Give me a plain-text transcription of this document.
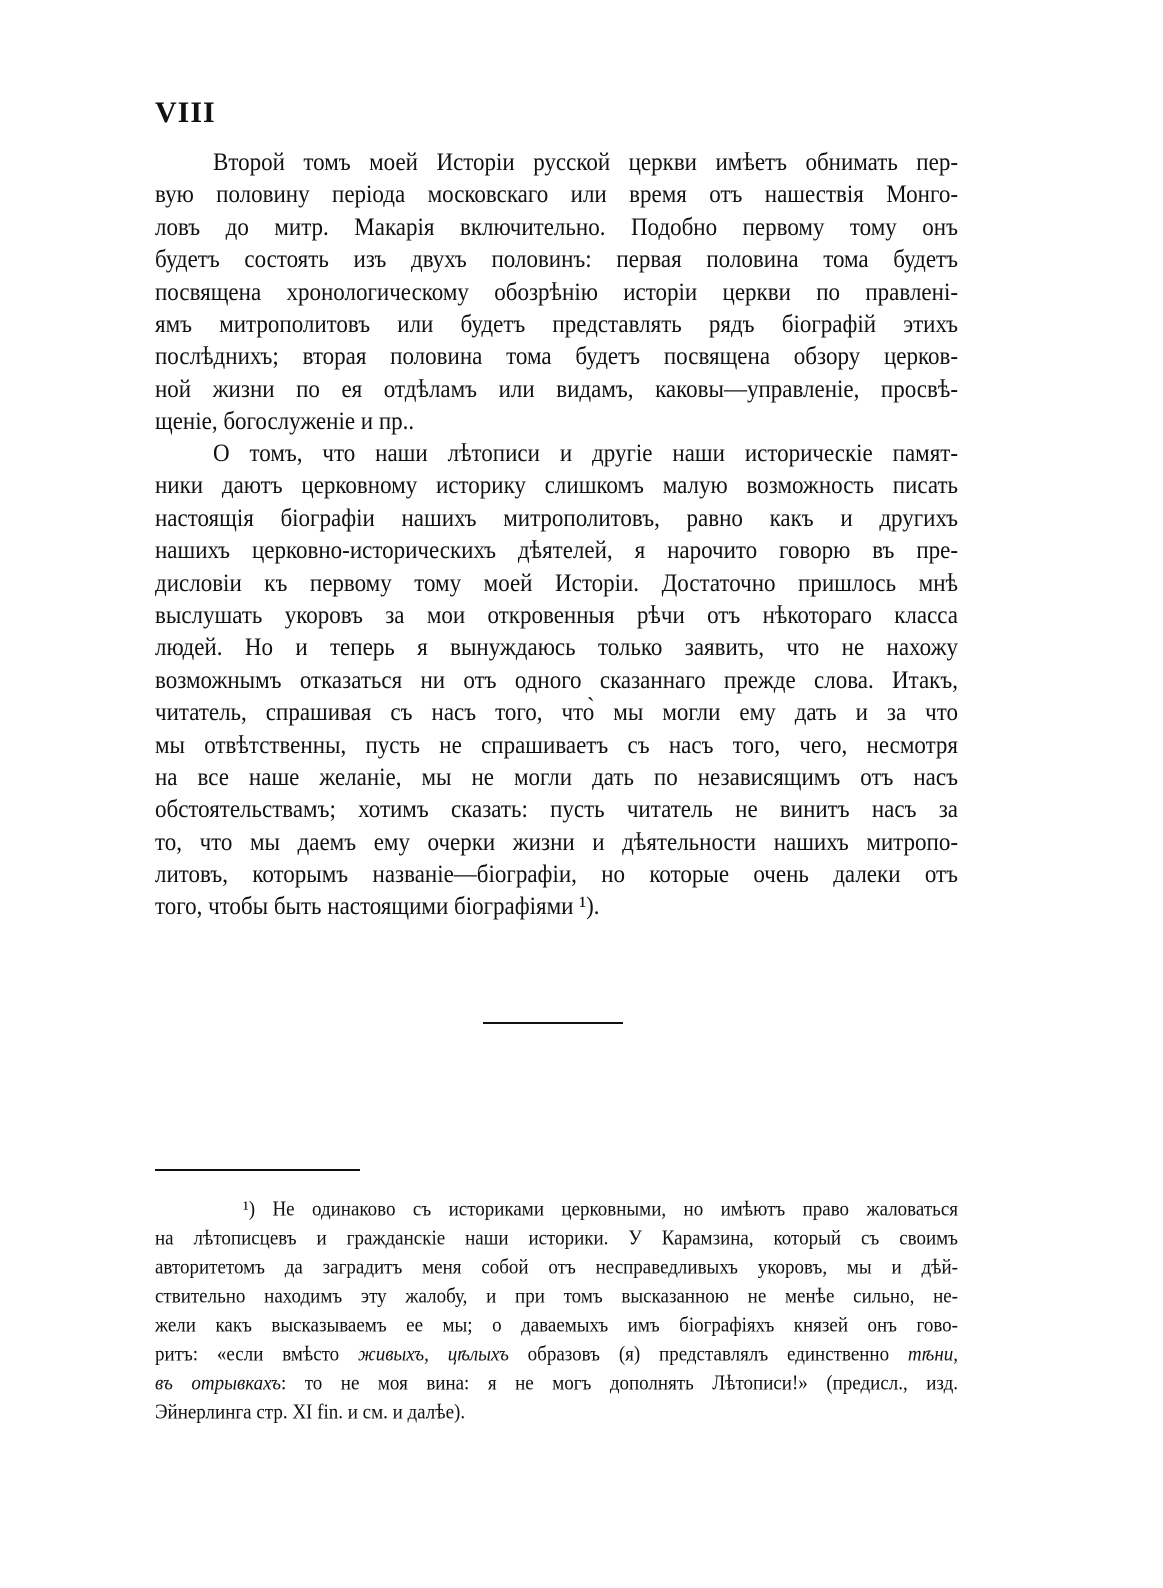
VIII
Второй томъ моей Исторіи русской церкви имѣетъ обнимать пер-
вую половину періода московскаго или время отъ нашествія Монго-
ловъ до митр. Макарія включительно. Подобно первому тому онъ
будетъ состоять изъ двухъ половинъ: первая половина тома будетъ
посвящена хронологическому обозрѣнію исторіи церкви по правлені-
ямъ митрополитовъ или будетъ представлять рядъ біографій этихъ
послѣднихъ; вторая половина тома будетъ посвящена обзору церков-
ной жизни по ея отдѣламъ или видамъ, каковы—управленіе, просвѣ-
щеніе, богослуженіе и пр..
О томъ, что наши лѣтописи и другіе наши историческіе памят-
ники даютъ церковному историку слишкомъ малую возможность писать
настоящія біографіи нашихъ митрополитовъ, равно какъ и другихъ
нашихъ церковно-историческихъ дѣятелей, я нарочито говорю въ пре-
дисловіи къ первому тому моей Исторіи. Достаточно пришлось мнѣ
выслушать укоровъ за мои откровенныя рѣчи отъ нѣкотораго класса
людей. Но и теперь я вынуждаюсь только заявить, что не нахожу
возможнымъ отказаться ни отъ одного сказаннаго прежде слова. Итакъ,
читатель, спрашивая съ насъ того, что̀ мы могли ему дать и за что
мы отвѣтственны, пусть не спрашиваетъ съ насъ того, чего, несмотря
на все наше желаніе, мы не могли дать по независящимъ отъ насъ
обстоятельствамъ; хотимъ сказать: пусть читатель не винитъ насъ за
то, что мы даемъ ему очерки жизни и дѣятельности нашихъ митропо-
литовъ, которымъ названіе—біографіи, но которые очень далеки отъ
того, чтобы быть настоящими біографіями ¹).
¹) Не одинаково съ историками церковными, но имѣютъ право жаловаться
на лѣтописцевъ и гражданскіе наши историки. У Карамзина, который съ своимъ
авторитетомъ да заградитъ меня собой отъ несправедливыхъ укоровъ, мы и дѣй-
ствительно находимъ эту жалобу, и при томъ высказанною не менѣе сильно, не-
жели какъ высказываемъ ее мы; о даваемыхъ имъ біографіяхъ князей онъ гово-
ритъ: «если вмѣсто живыхъ, цѣлыхъ образовъ (я) представлялъ единственно тѣни,
въ отрывкахъ: то не моя вина: я не могъ дополнять Лѣтописи!» (предисл., изд.
Эйнерлинга стр. XI fin. и см. и далѣе).
